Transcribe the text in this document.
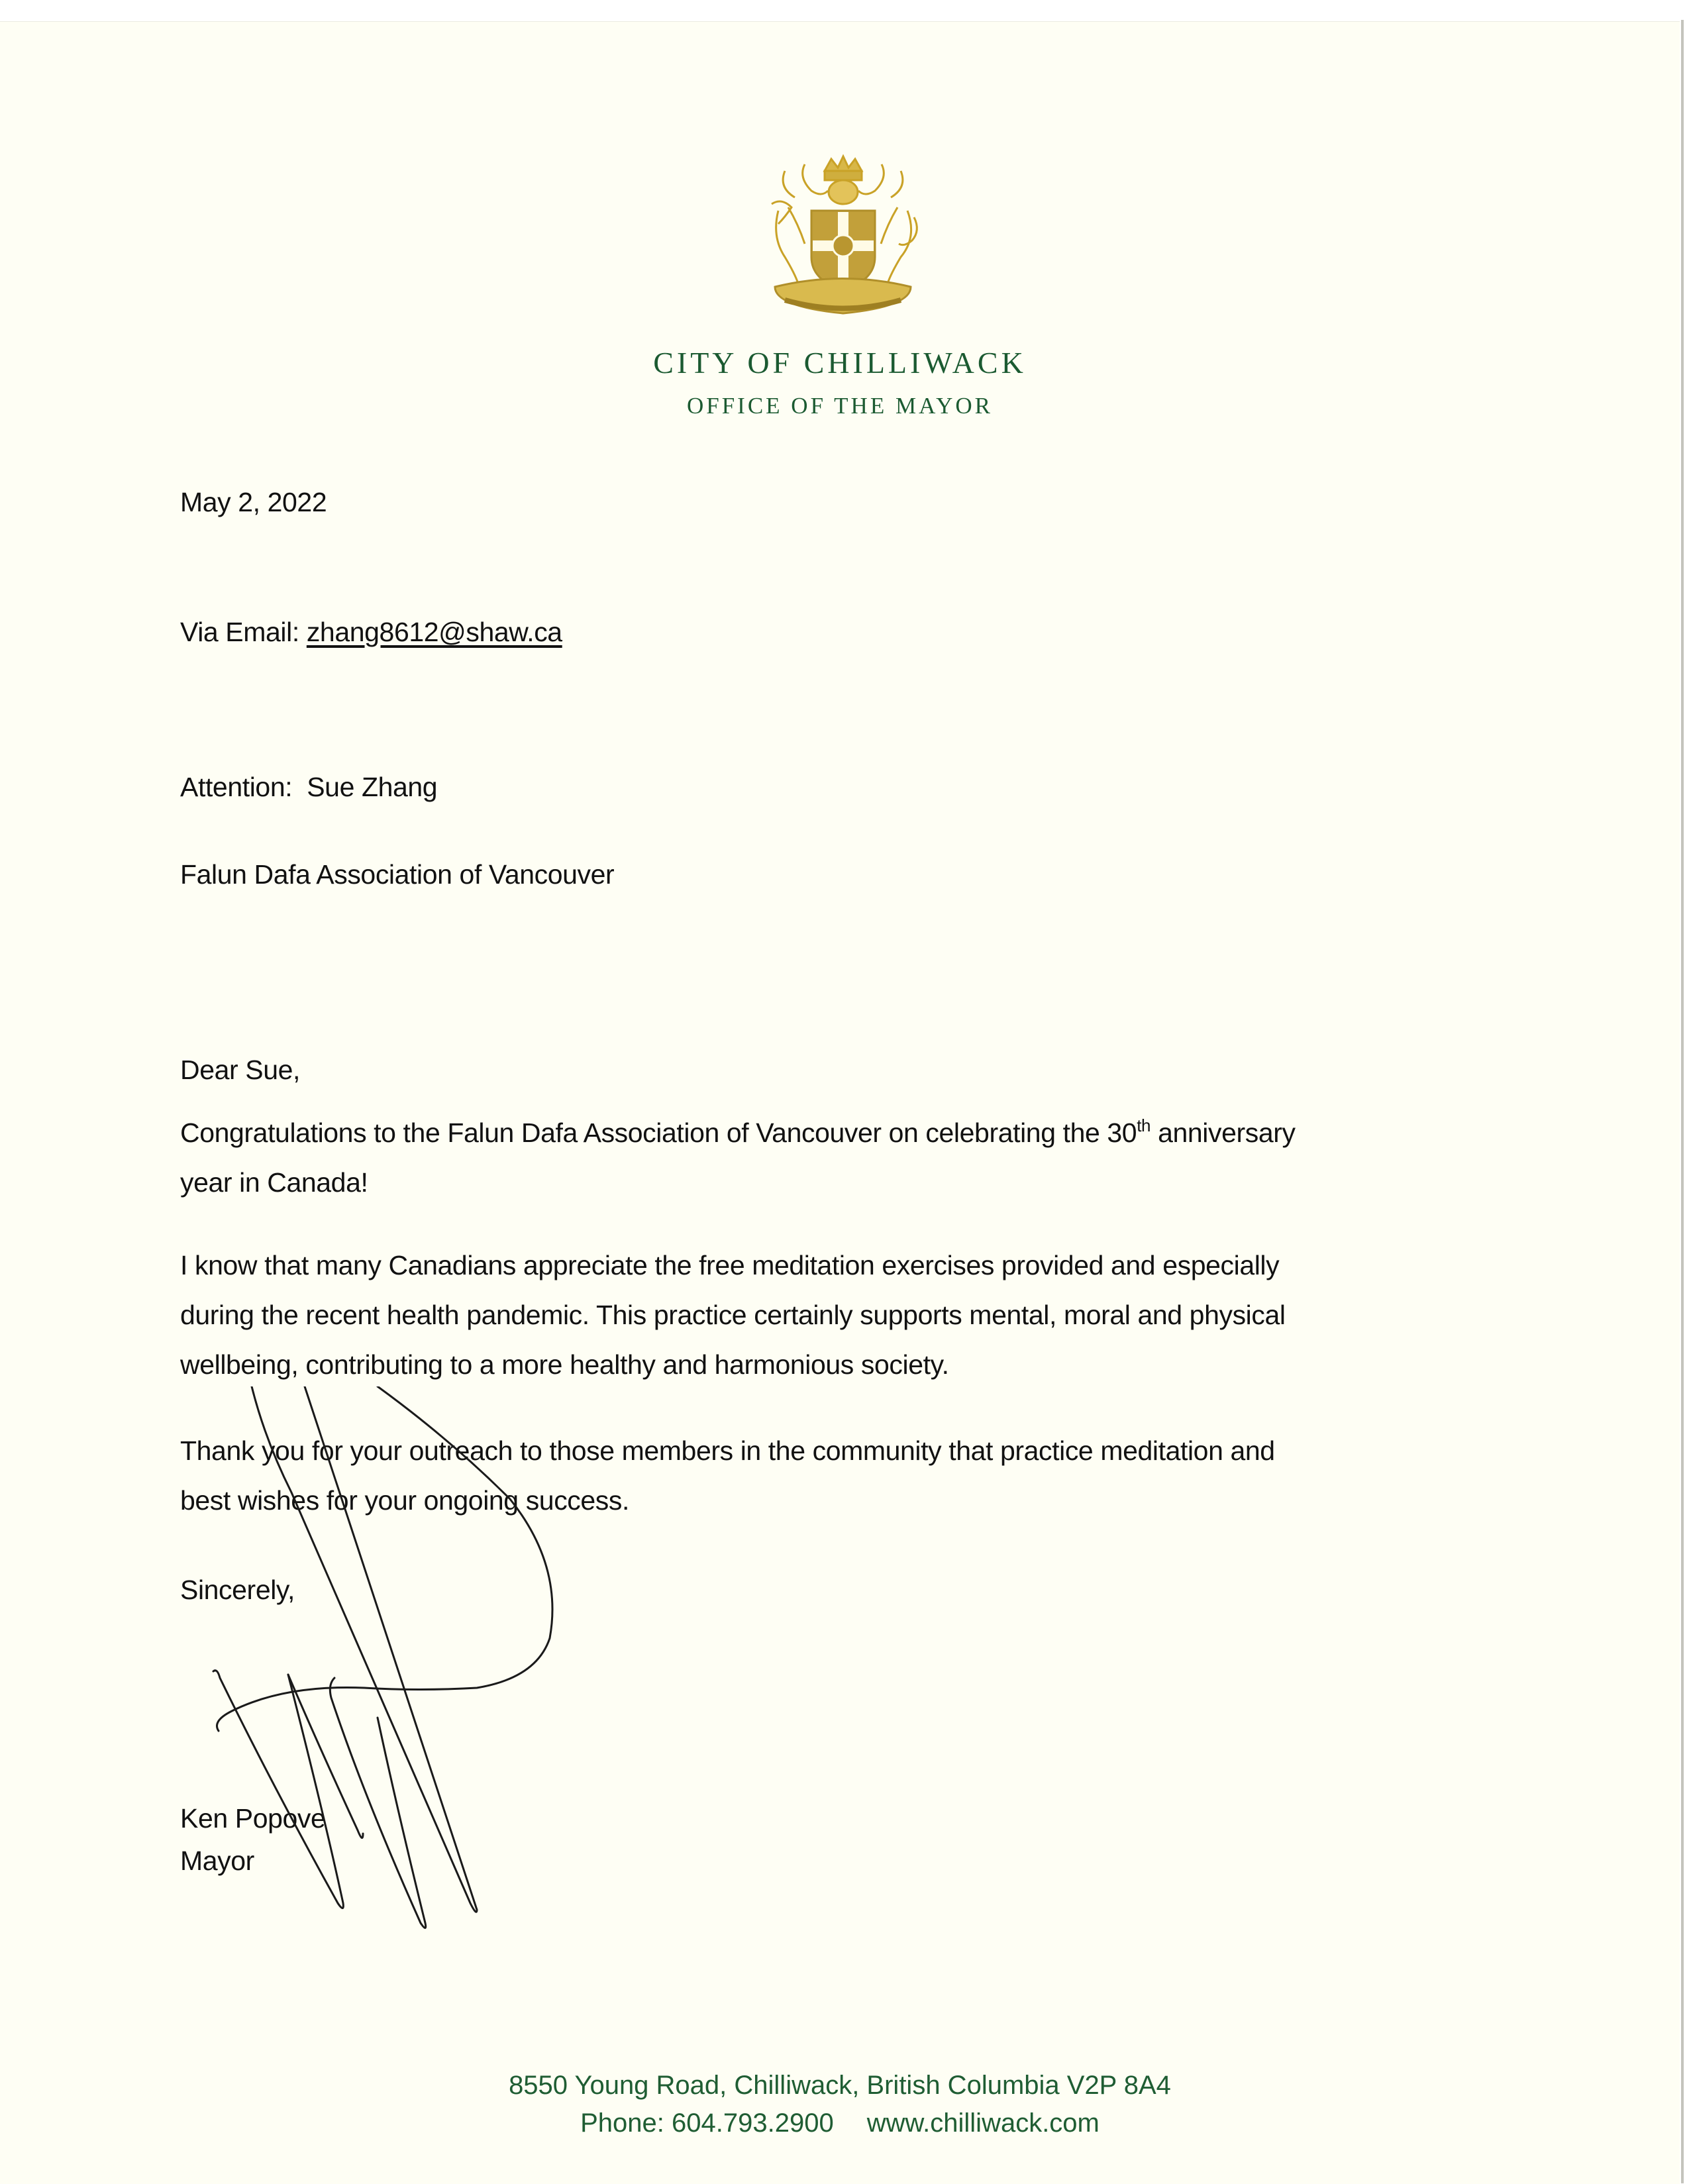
CITY OF CHILLIWACK
OFFICE OF THE MAYOR
May 2, 2022
Via Email: zhang8612@shaw.ca
Attention: Sue Zhang
Falun Dafa Association of Vancouver
Dear Sue,
Congratulations to the Falun Dafa Association of Vancouver on celebrating the 30th anniversary
year in Canada!
I know that many Canadians appreciate the free meditation exercises provided and especially
during the recent health pandemic. This practice certainly supports mental, moral and physical
wellbeing, contributing to a more healthy and harmonious society.
Thank you for your outreach to those members in the community that practice meditation and
best wishes for your ongoing success.
Sincerely,
Ken Popove
Mayor
8550 Young Road, Chilliwack, British Columbia V2P 8A4
Phone: 604.793.2900 www.chilliwack.com
